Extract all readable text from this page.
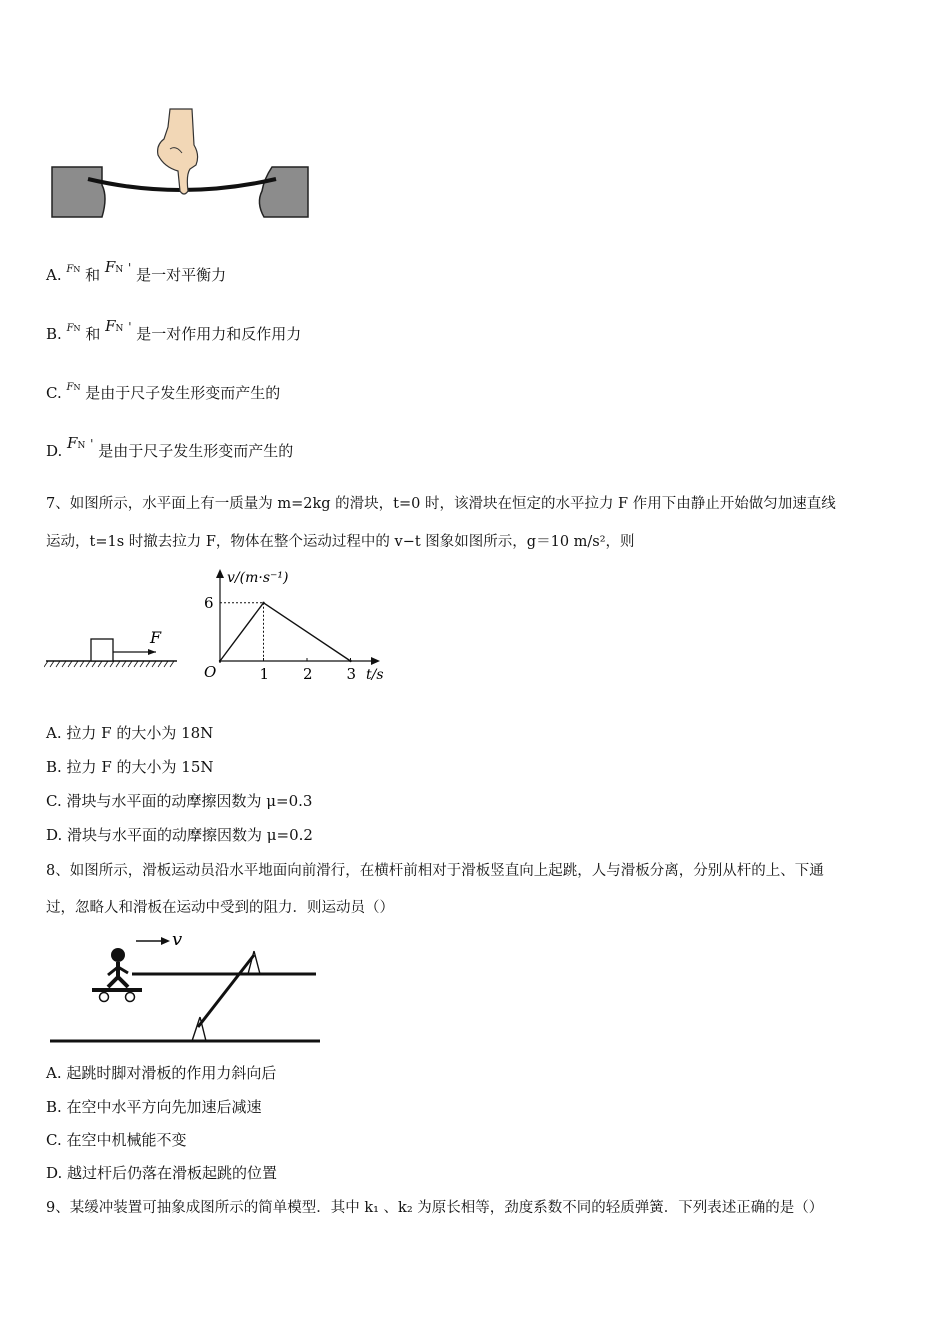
A. FN 和 FN ' 是一对平衡力
B. FN 和 FN ' 是一对作用力和反作用力
C. FN 是由于尺子发生形变而产生的
D. FN ' 是由于尺子发生形变而产生的
7、如图所示，水平面上有一质量为 m=2kg 的滑块，t=0 时，该滑块在恒定的水平拉力 F 作用下由静止开始做匀加速直线
运动，t=1s 时撤去拉力 F，物体在整个运动过程中的 v−t 图象如图所示，g＝10 m/s²，则
F
v/(m·s⁻¹)
t/s
O	1 2 3
6
A. 拉力 F 的大小为 18N
B. 拉力 F 的大小为 15N
C. 滑块与水平面的动摩擦因数为 μ=0.3
D. 滑块与水平面的动摩擦因数为 μ=0.2
8、如图所示，滑板运动员沿水平地面向前滑行，在横杆前相对于滑板竖直向上起跳，人与滑板分离，分别从杆的上、下通
过，忽略人和滑板在运动中受到的阻力．则运动员（）
v
A. 起跳时脚对滑板的作用力斜向后
B. 在空中水平方向先加速后减速
C. 在空中机械能不变
D. 越过杆后仍落在滑板起跳的位置
9、某缓冲装置可抽象成图所示的简单模型．其中 k₁ 、k₂ 为原长相等，劲度系数不同的轻质弹簧．下列表述正确的是（）
